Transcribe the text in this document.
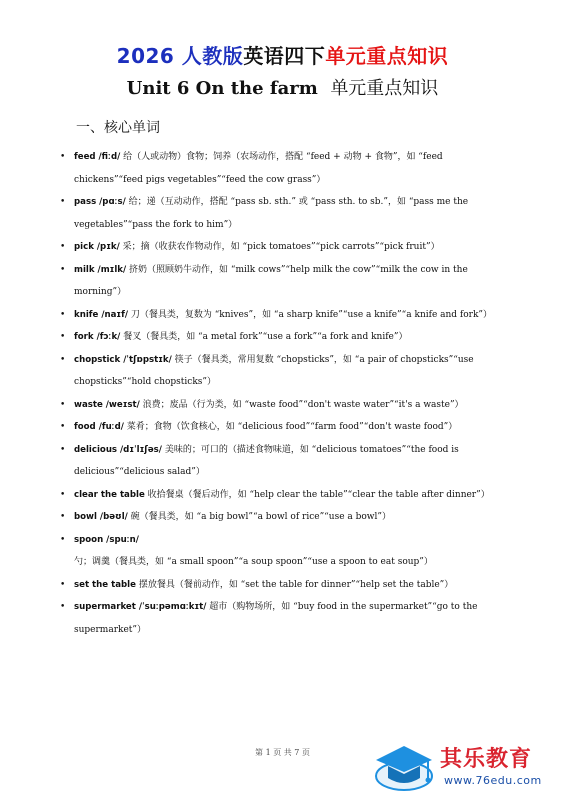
2026 人教版英语四下单元重点知识
Unit 6 On the farm 单元重点知识
一、核心单词
• feed /fiːd/ 给（人或动物）食物；饲养（农场动作，搭配 “feed + 动物 + 食物”，如 “feed chickens”“feed pigs vegetables”“feed the cow grass”）
• pass /pɑːs/ 给；递（互动动作，搭配 “pass sb. sth.” 或 “pass sth. to sb.”，如 “pass me the vegetables”“pass the fork to him”）
• pick /pɪk/ 采；摘（收获农作物动作，如 “pick tomatoes”“pick carrots”“pick fruit”）
• milk /mɪlk/ 挤奶（照顾奶牛动作，如 “milk cows”“help milk the cow”“milk the cow in the morning”）
• knife /naɪf/ 刀（餐具类，复数为 “knives”，如 “a sharp knife”“use a knife”“a knife and fork”）
• fork /fɔːk/ 餐叉（餐具类，如 “a metal fork”“use a fork”“a fork and knife”）
• chopstick /ˈtʃɒpstɪk/ 筷子（餐具类，常用复数 “chopsticks”，如 “a pair of chopsticks”“use chopsticks”“hold chopsticks”）
• waste /weɪst/ 浪费；废品（行为类，如 “waste food”“don't waste water”“it's a waste”）
• food /fuːd/ 菜肴；食物（饮食核心，如 “delicious food”“farm food”“don't waste food”）
• delicious /dɪˈlɪʃəs/ 美味的；可口的（描述食物味道，如 “delicious tomatoes”“the food is delicious”“delicious salad”）
• clear the table 收拾餐桌（餐后动作，如 “help clear the table”“clear the table after dinner”）
• bowl /bəʊl/ 碗（餐具类，如 “a big bowl”“a bowl of rice”“use a bowl”）
• spoon /spuːn/ 勺；调羹（餐具类，如 “a small spoon”“a soup spoon”“use a spoon to eat soup”）
• set the table 摆放餐具（餐前动作，如 “set the table for dinner”“help set the table”）
• supermarket /ˈsuːpəmɑːkɪt/ 超市（购物场所，如 “buy food in the supermarket”“go to the supermarket”）
第 1 页 共 7 页	其乐教育
www.76edu.com
